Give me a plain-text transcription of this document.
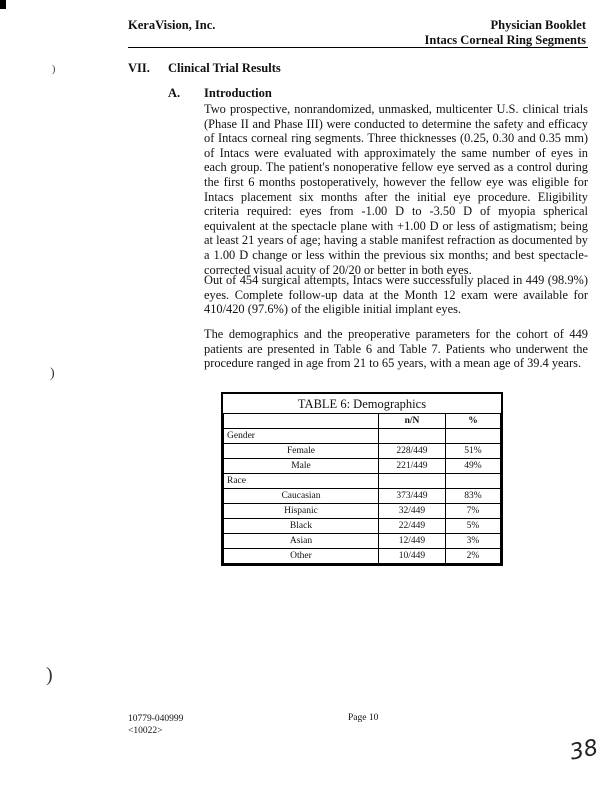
KeraVision, Inc.	Physician Booklet
Intacs Corneal Ring Segments
VII. Clinical Trial Results
A. Introduction

Two prospective, nonrandomized, unmasked, multicenter U.S. clinical trials (Phase II and Phase III) were conducted to determine the safety and efficacy of Intacs corneal ring segments. Three thicknesses (0.25, 0.30 and 0.35 mm) of Intacs were evaluated with approximately the same number of eyes in each group. The patient's nonoperative fellow eye served as a control during the first 6 months postoperatively, however the fellow eye was eligible for Intacs placement six months after the initial eye procedure. Eligibility criteria required: eyes from -1.00 D to -3.50 D of myopia spherical equivalent at the spectacle plane with +1.00 D or less of astigmatism; being at least 21 years of age; having a stable manifest refraction as documented by a 1.00 D change or less within the previous six months; and best spectacle-corrected visual acuity of 20/20 or better in both eyes.

Out of 454 surgical attempts, Intacs were successfully placed in 449 (98.9%) eyes. Complete follow-up data at the Month 12 exam were available for 410/420 (97.6%) of the eligible initial implant eyes.

The demographics and the preoperative parameters for the cohort of 449 patients are presented in Table 6 and Table 7. Patients who underwent the procedure ranged in age from 21 to 65 years, with a mean age of 39.4 years.

)
)
)
TABLE 6: Demographics
	n/N	%
Gender		
Female	228/449	51%
Male	221/449	49%
Race		
Caucasian	373/449	83%
Hispanic	32/449	7%
Black	22/449	5%
Asian	12/449	3%
Other	10/449	2%
10779-040999
<10022>
Page 10
38
